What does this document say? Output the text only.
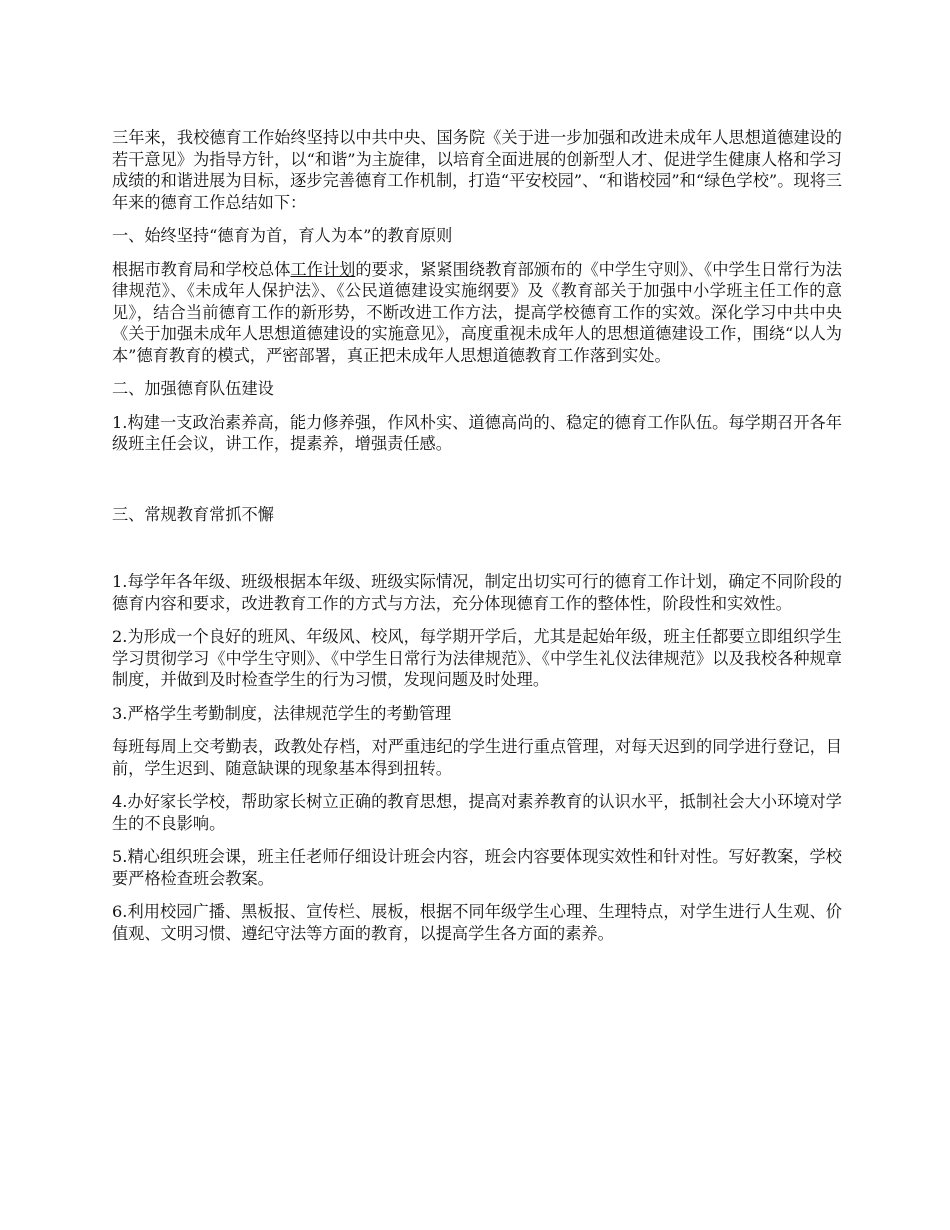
三年来，我校德育工作始终坚持以中共中央、国务院《关于进一步加强和改进未成年人思想道德建设的若干意见》为指导方针，以“和谐”为主旋律，以培育全面进展的创新型人才、促进学生健康人格和学习成绩的和谐进展为目标，逐步完善德育工作机制，打造“平安校园”、“和谐校园”和“绿色学校”。现将三年来的德育工作总结如下：

一、始终坚持“德育为首，育人为本”的教育原则

根据市教育局和学校总体工作计划的要求，紧紧围绕教育部颁布的《中学生守则》、《中学生日常行为法律规范》、《未成年人保护法》、《公民道德建设实施纲要》及《教育部关于加强中小学班主任工作的意见》，结合当前德育工作的新形势，不断改进工作方法，提高学校德育工作的实效。深化学习中共中央《关于加强未成年人思想道德建设的实施意见》，高度重视未成年人的思想道德建设工作，围绕“以人为本”德育教育的模式，严密部署，真正把未成年人思想道德教育工作落到实处。

二、加强德育队伍建设

1.构建一支政治素养高，能力修养强，作风朴实、道德高尚的、稳定的德育工作队伍。每学期召开各年级班主任会议，讲工作，提素养，增强责任感。

三、常规教育常抓不懈

1.每学年各年级、班级根据本年级、班级实际情况，制定出切实可行的德育工作计划，确定不同阶段的德育内容和要求，改进教育工作的方式与方法，充分体现德育工作的整体性，阶段性和实效性。

2.为形成一个良好的班风、年级风、校风，每学期开学后，尤其是起始年级，班主任都要立即组织学生学习贯彻学习《中学生守则》、《中学生日常行为法律规范》、《中学生礼仪法律规范》以及我校各种规章制度，并做到及时检查学生的行为习惯，发现问题及时处理。

3.严格学生考勤制度，法律规范学生的考勤管理

每班每周上交考勤表，政教处存档，对严重违纪的学生进行重点管理，对每天迟到的同学进行登记，目前，学生迟到、随意缺课的现象基本得到扭转。

4.办好家长学校，帮助家长树立正确的教育思想，提高对素养教育的认识水平，抵制社会大小环境对学生的不良影响。

5.精心组织班会课，班主任老师仔细设计班会内容，班会内容要体现实效性和针对性。写好教案，学校要严格检查班会教案。

6.利用校园广播、黑板报、宣传栏、展板，根据不同年级学生心理、生理特点，对学生进行人生观、价值观、文明习惯、遵纪守法等方面的教育，以提高学生各方面的素养。
